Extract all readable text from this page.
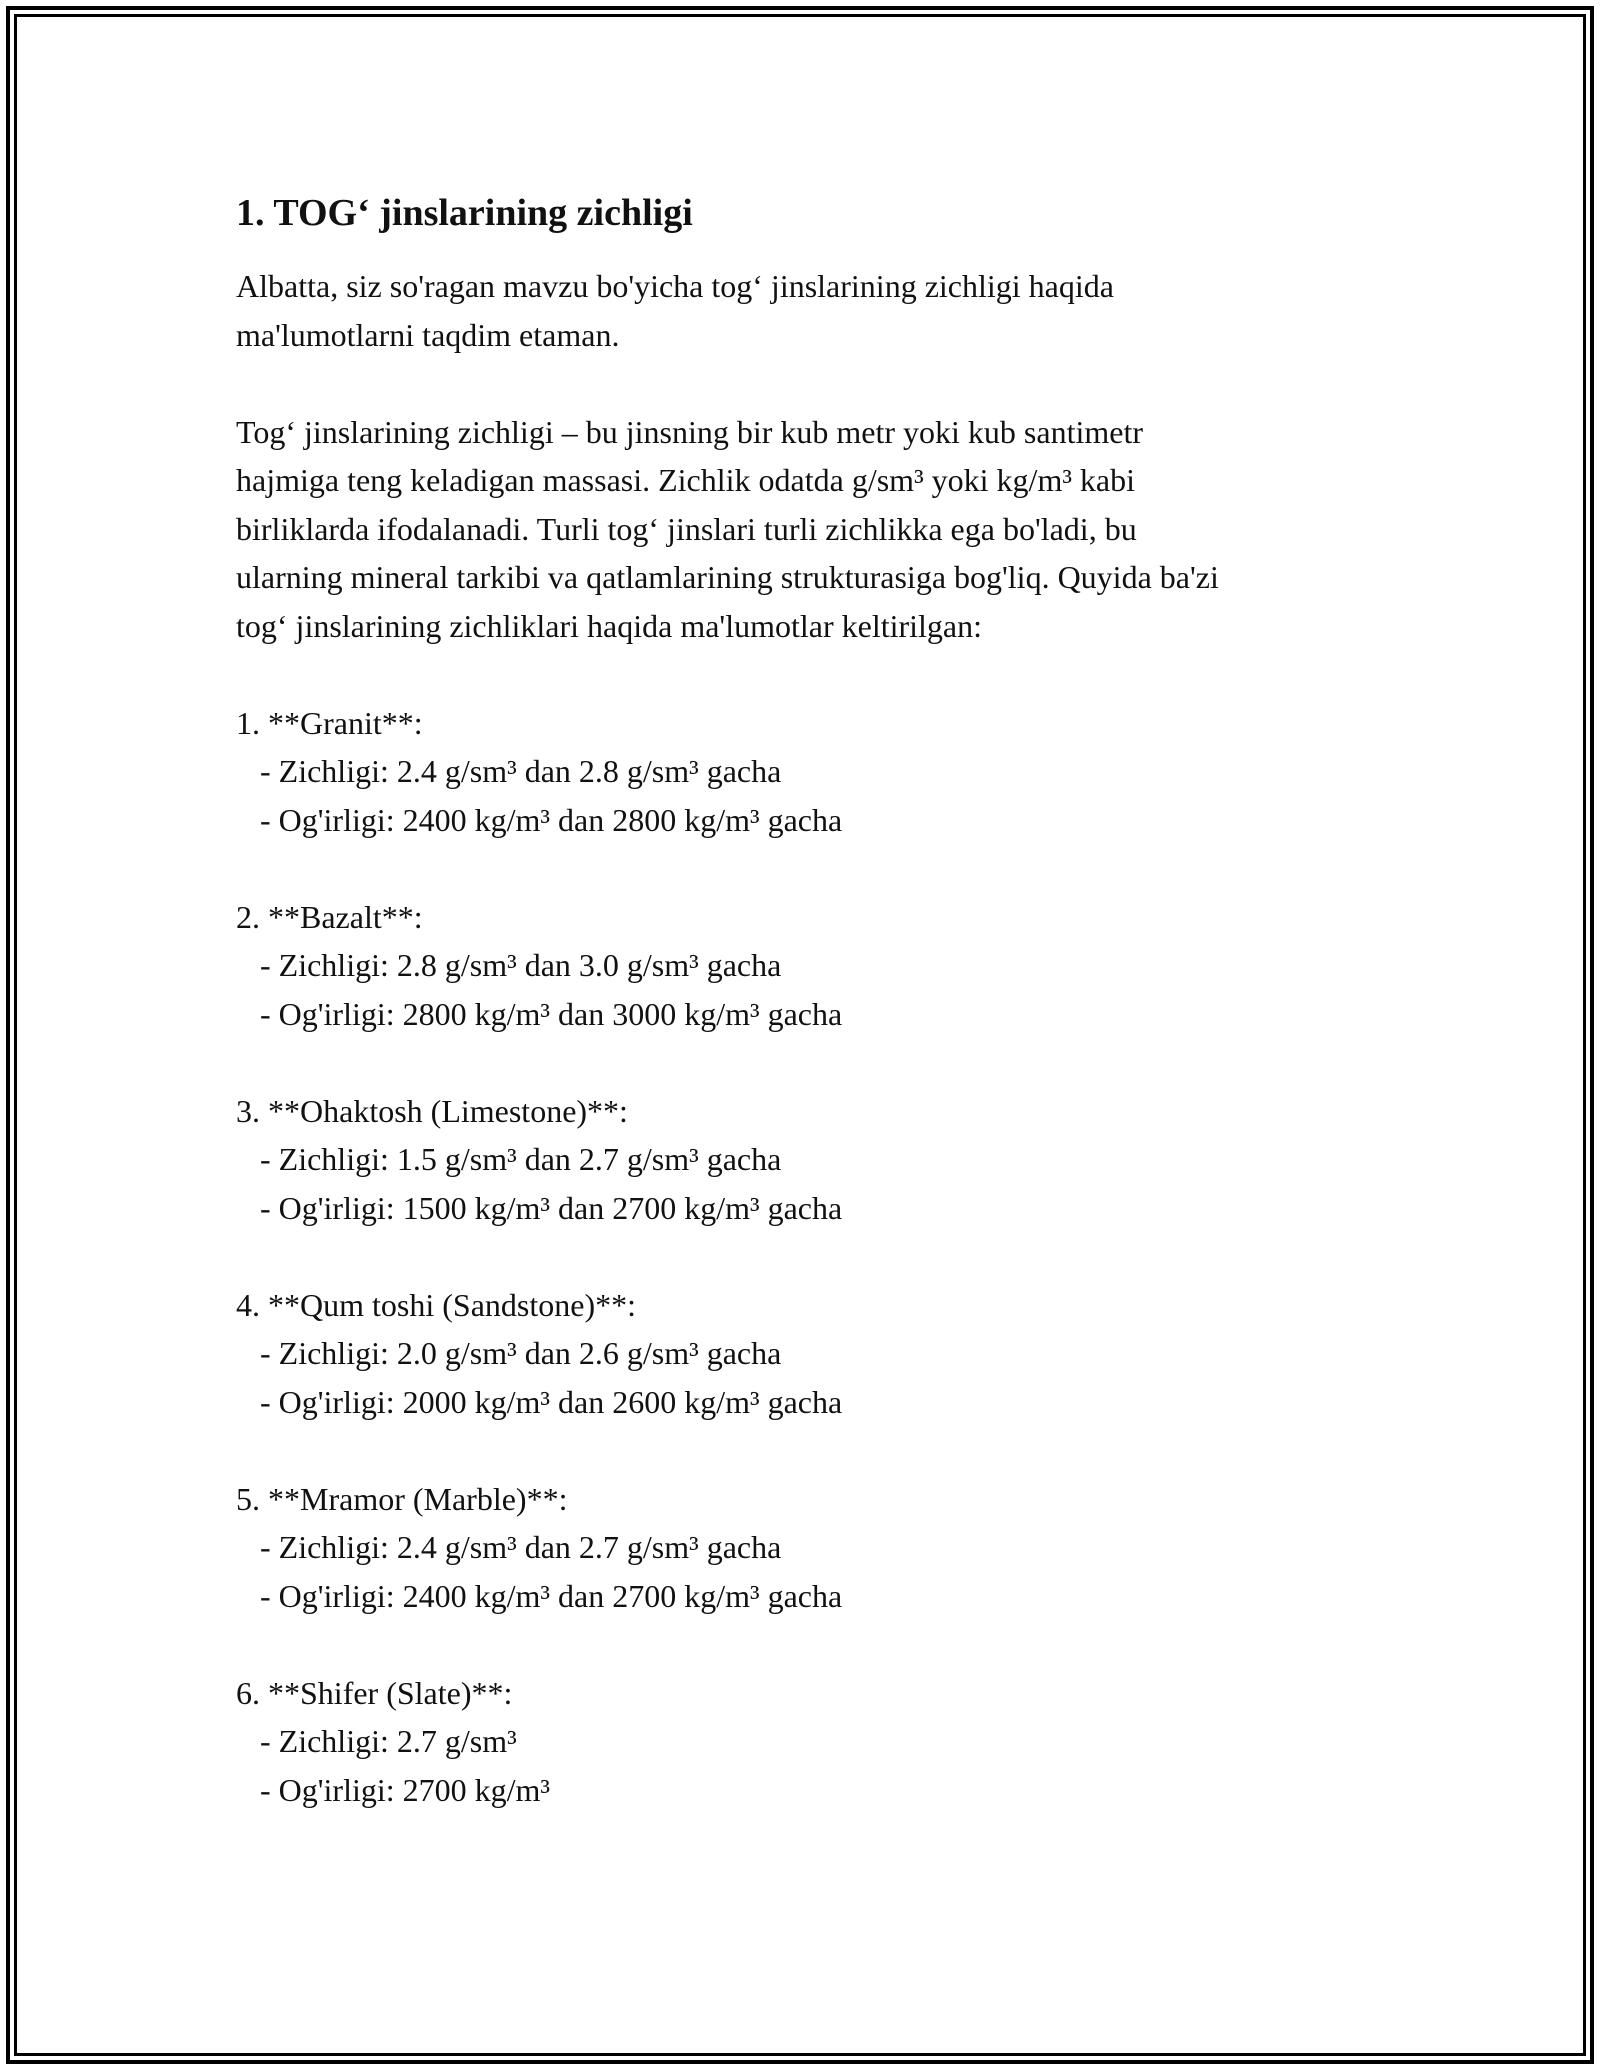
1. TOG‘ jinslarining zichligi

Albatta, siz so'ragan mavzu bo'yicha tog‘ jinslarining zichligi haqida

ma'lumotlarni taqdim etaman.

Tog‘ jinslarining zichligi – bu jinsning bir kub metr yoki kub santimetr

hajmiga teng keladigan massasi. Zichlik odatda g/sm³ yoki kg/m³ kabi

birliklarda ifodalanadi. Turli tog‘ jinslari turli zichlikka ega bo'ladi, bu

ularning mineral tarkibi va qatlamlarining strukturasiga bog'liq. Quyida ba'zi

tog‘ jinslarining zichliklari haqida ma'lumotlar keltirilgan:

1. **Granit**:
- Zichligi: 2.4 g/sm³ dan 2.8 g/sm³ gacha
- Og'irligi: 2400 kg/m³ dan 2800 kg/m³ gacha
2. **Bazalt**:
- Zichligi: 2.8 g/sm³ dan 3.0 g/sm³ gacha
- Og'irligi: 2800 kg/m³ dan 3000 kg/m³ gacha
3. **Ohaktosh (Limestone)**:
- Zichligi: 1.5 g/sm³ dan 2.7 g/sm³ gacha
- Og'irligi: 1500 kg/m³ dan 2700 kg/m³ gacha
4. **Qum toshi (Sandstone)**:
- Zichligi: 2.0 g/sm³ dan 2.6 g/sm³ gacha
- Og'irligi: 2000 kg/m³ dan 2600 kg/m³ gacha
5. **Mramor (Marble)**:
- Zichligi: 2.4 g/sm³ dan 2.7 g/sm³ gacha
- Og'irligi: 2400 kg/m³ dan 2700 kg/m³ gacha
6. **Shifer (Slate)**:
- Zichligi: 2.7 g/sm³
- Og'irligi: 2700 kg/m³
